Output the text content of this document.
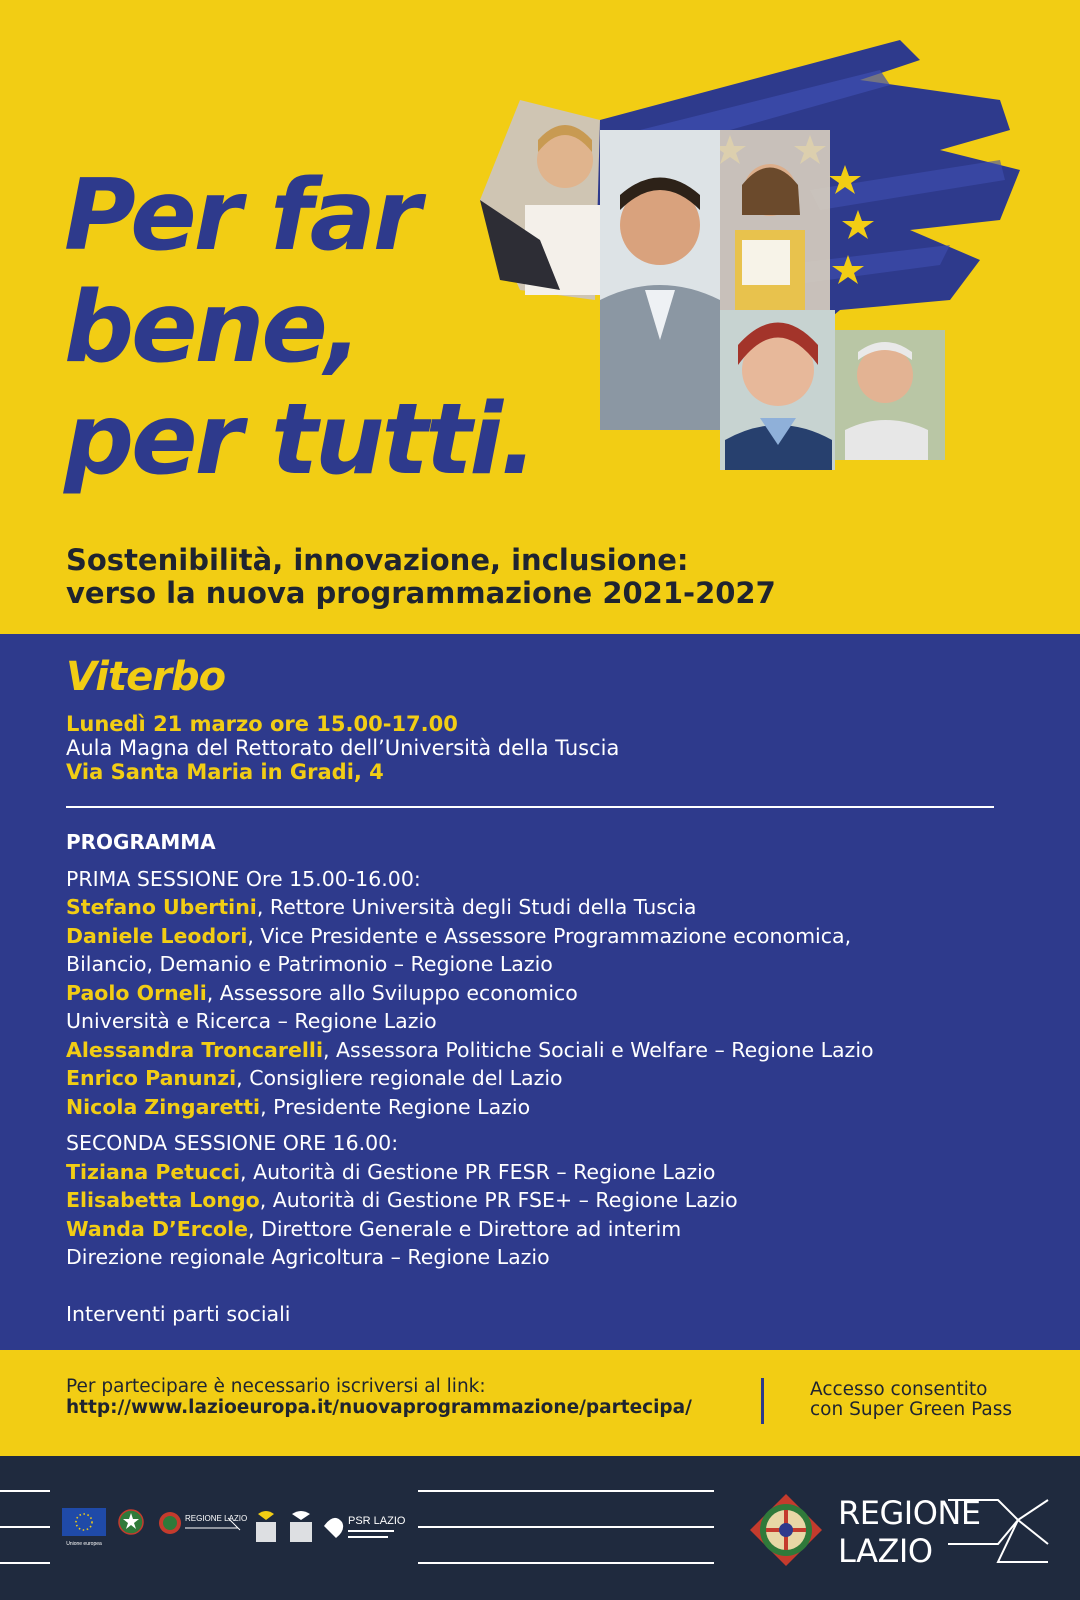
Per far
bene,
per tutti.
Sostenibilità, innovazione, inclusione:
verso la nuova programmazione 2021-2027
Viterbo
Lunedì 21 marzo ore 15.00-17.00
Aula Magna del Rettorato dell’Università della Tuscia
Via Santa Maria in Gradi, 4
PROGRAMMA
PRIMA SESSIONE Ore 15.00-16.00:
Stefano Ubertini, Rettore Università degli Studi della Tuscia
Daniele Leodori, Vice Presidente e Assessore Programmazione economica,
Bilancio, Demanio e Patrimonio – Regione Lazio
Paolo Orneli, Assessore allo Sviluppo economico
Università e Ricerca – Regione Lazio
Alessandra Troncarelli, Assessora Politiche Sociali e Welfare – Regione Lazio
Enrico Panunzi, Consigliere regionale del Lazio
Nicola Zingaretti, Presidente Regione Lazio
SECONDA SESSIONE ORE 16.00:
Tiziana Petucci, Autorità di Gestione PR FESR – Regione Lazio
Elisabetta Longo, Autorità di Gestione PR FSE+ – Regione Lazio
Wanda D’Ercole, Direttore Generale e Direttore ad interim
Direzione regionale Agricoltura – Regione Lazio
Interventi parti sociali
Per partecipare è necessario iscriversi al link:
http://www.lazioeuropa.it/nuovaprogrammazione/partecipa/
Accesso consentito
con Super Green Pass
Unione europea
REGIONE LAZIO	PSR LAZIO	REGIONE
LAZIO
